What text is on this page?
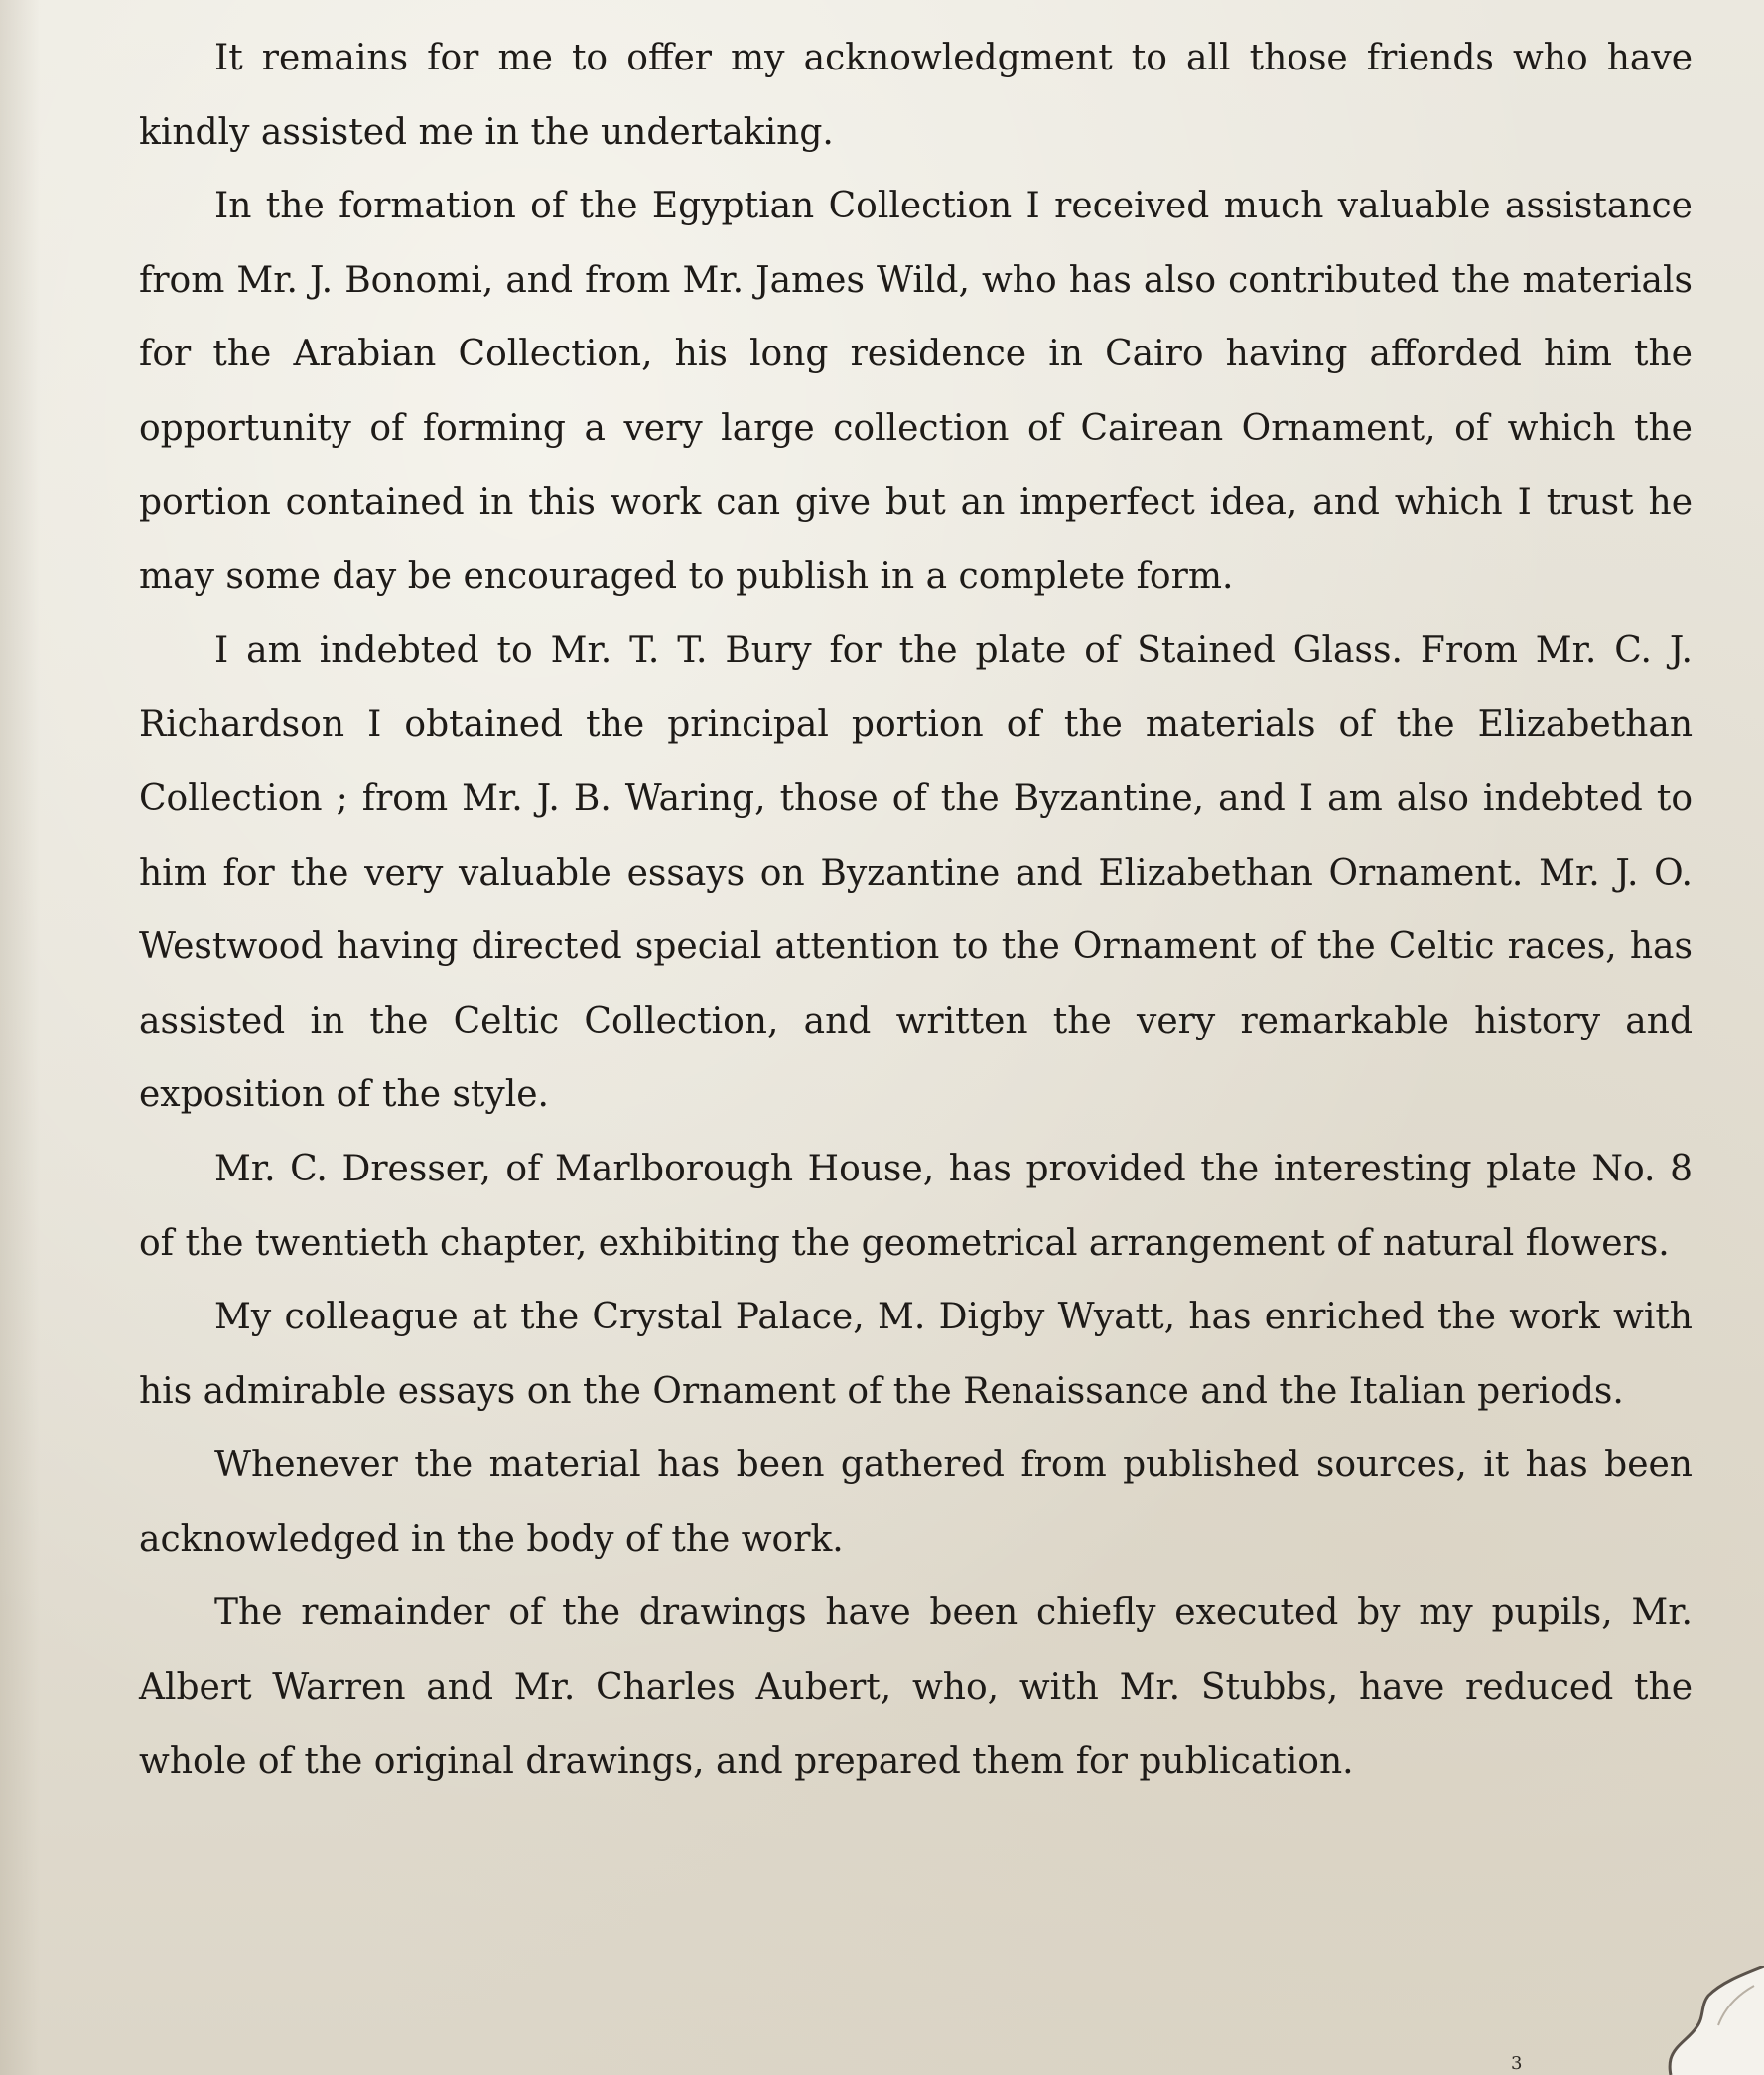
It remains for me to offer my acknowledgment to all those friends who have kindly assisted me in the undertaking.

In the formation of the Egyptian Collection I received much valuable assistance from Mr. J. Bonomi, and from Mr. James Wild, who has also contributed the materials for the Arabian Collection, his long residence in Cairo having afforded him the opportunity of forming a very large collection of Cairean Ornament, of which the portion contained in this work can give but an imperfect idea, and which I trust he may some day be encouraged to publish in a complete form.

I am indebted to Mr. T. T. Bury for the plate of Stained Glass. From Mr. C. J. Richardson I obtained the principal portion of the materials of the Elizabethan Collection ; from Mr. J. B. Waring, those of the Byzantine, and I am also indebted to him for the very valuable essays on Byzantine and Elizabethan Ornament. Mr. J. O. Westwood having directed special attention to the Ornament of the Celtic races, has assisted in the Celtic Collection, and written the very remarkable history and exposition of the style.

Mr. C. Dresser, of Marlborough House, has provided the interesting plate No. 8 of the twentieth chapter, exhibiting the geometrical arrangement of natural flowers.

My colleague at the Crystal Palace, M. Digby Wyatt, has enriched the work with his admirable essays on the Ornament of the Renaissance and the Italian periods.

Whenever the material has been gathered from published sources, it has been acknowledged in the body of the work.

The remainder of the drawings have been chiefly executed by my pupils, Mr. Albert Warren and Mr. Charles Aubert, who, with Mr. Stubbs, have reduced the whole of the original drawings, and prepared them for publication.

3
